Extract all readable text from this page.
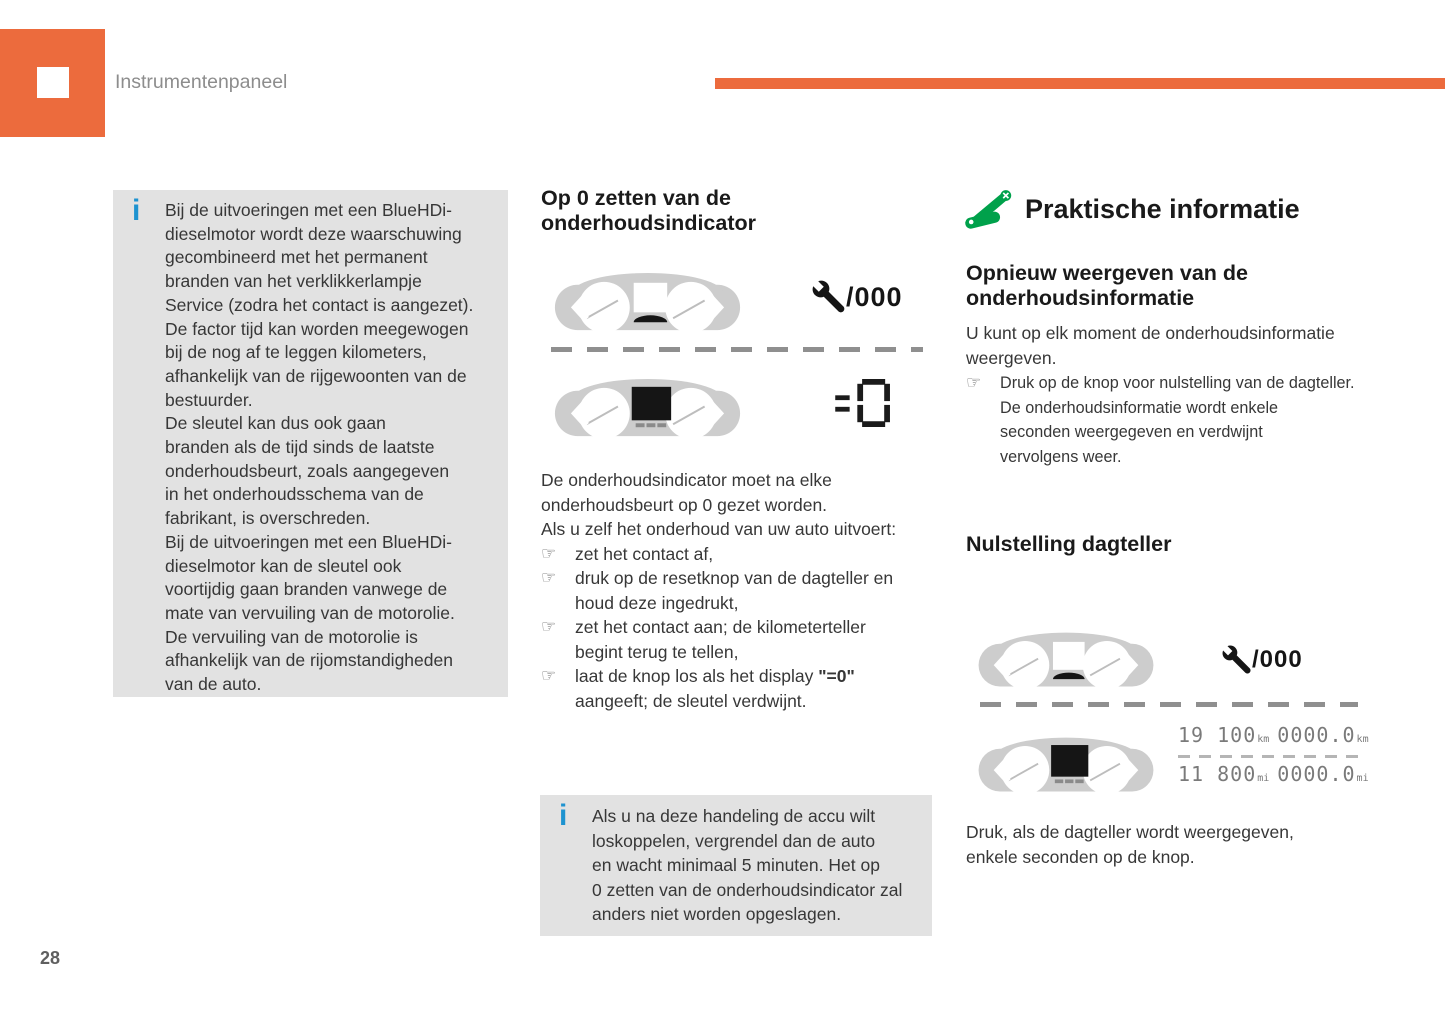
Instrumentenpaneel
i Bij de uitvoeringen met een BlueHDi-
dieselmotor wordt deze waarschuwing
gecombineerd met het permanent
branden van het verklikkerlampje
Service (zodra het contact is aangezet).
De factor tijd kan worden meegewogen
bij de nog af te leggen kilometers,
afhankelijk van de rijgewoonten van de
bestuurder.
De sleutel kan dus ook gaan
branden als de tijd sinds de laatste
onderhoudsbeurt, zoals aangegeven
in het onderhoudsschema van de
fabrikant, is overschreden.
Bij de uitvoeringen met een BlueHDi-
dieselmotor kan de sleutel ook
voortijdig gaan branden vanwege de
mate van vervuiling van de motorolie.
De vervuiling van de motorolie is
afhankelijk van de rijomstandigheden
van de auto.
Op 0 zetten van de
onderhoudsindicator
/000
De onderhoudsindicator moet na elke
onderhoudsbeurt op 0 gezet worden.
Als u zelf het onderhoud van uw auto uitvoert:
☞	zet het contact af,
☞	druk op de resetknop van de dagteller en
houd deze ingedrukt,
☞	zet het contact aan; de kilometerteller
begint terug te tellen,
☞	laat de knop los als het display "=0"
aangeeft; de sleutel verdwijnt.
i Als u na deze handeling de accu wilt
loskoppelen, vergrendel dan de auto
en wacht minimaal 5 minuten. Het op
0 zetten van de onderhoudsindicator zal
anders niet worden opgeslagen.
Praktische informatie
Opnieuw weergeven van de
onderhoudsinformatie
U kunt op elk moment de onderhoudsinformatie
weergeven.
☞	Druk op de knop voor nulstelling van de dagteller.
De onderhoudsinformatie wordt enkele
seconden weergegeven en verdwijnt
vervolgens weer.
Nulstelling dagteller
/000
19 100km 0000.0km
11 800mi 0000.0mi
Druk, als de dagteller wordt weergegeven,
enkele seconden op de knop.
28
